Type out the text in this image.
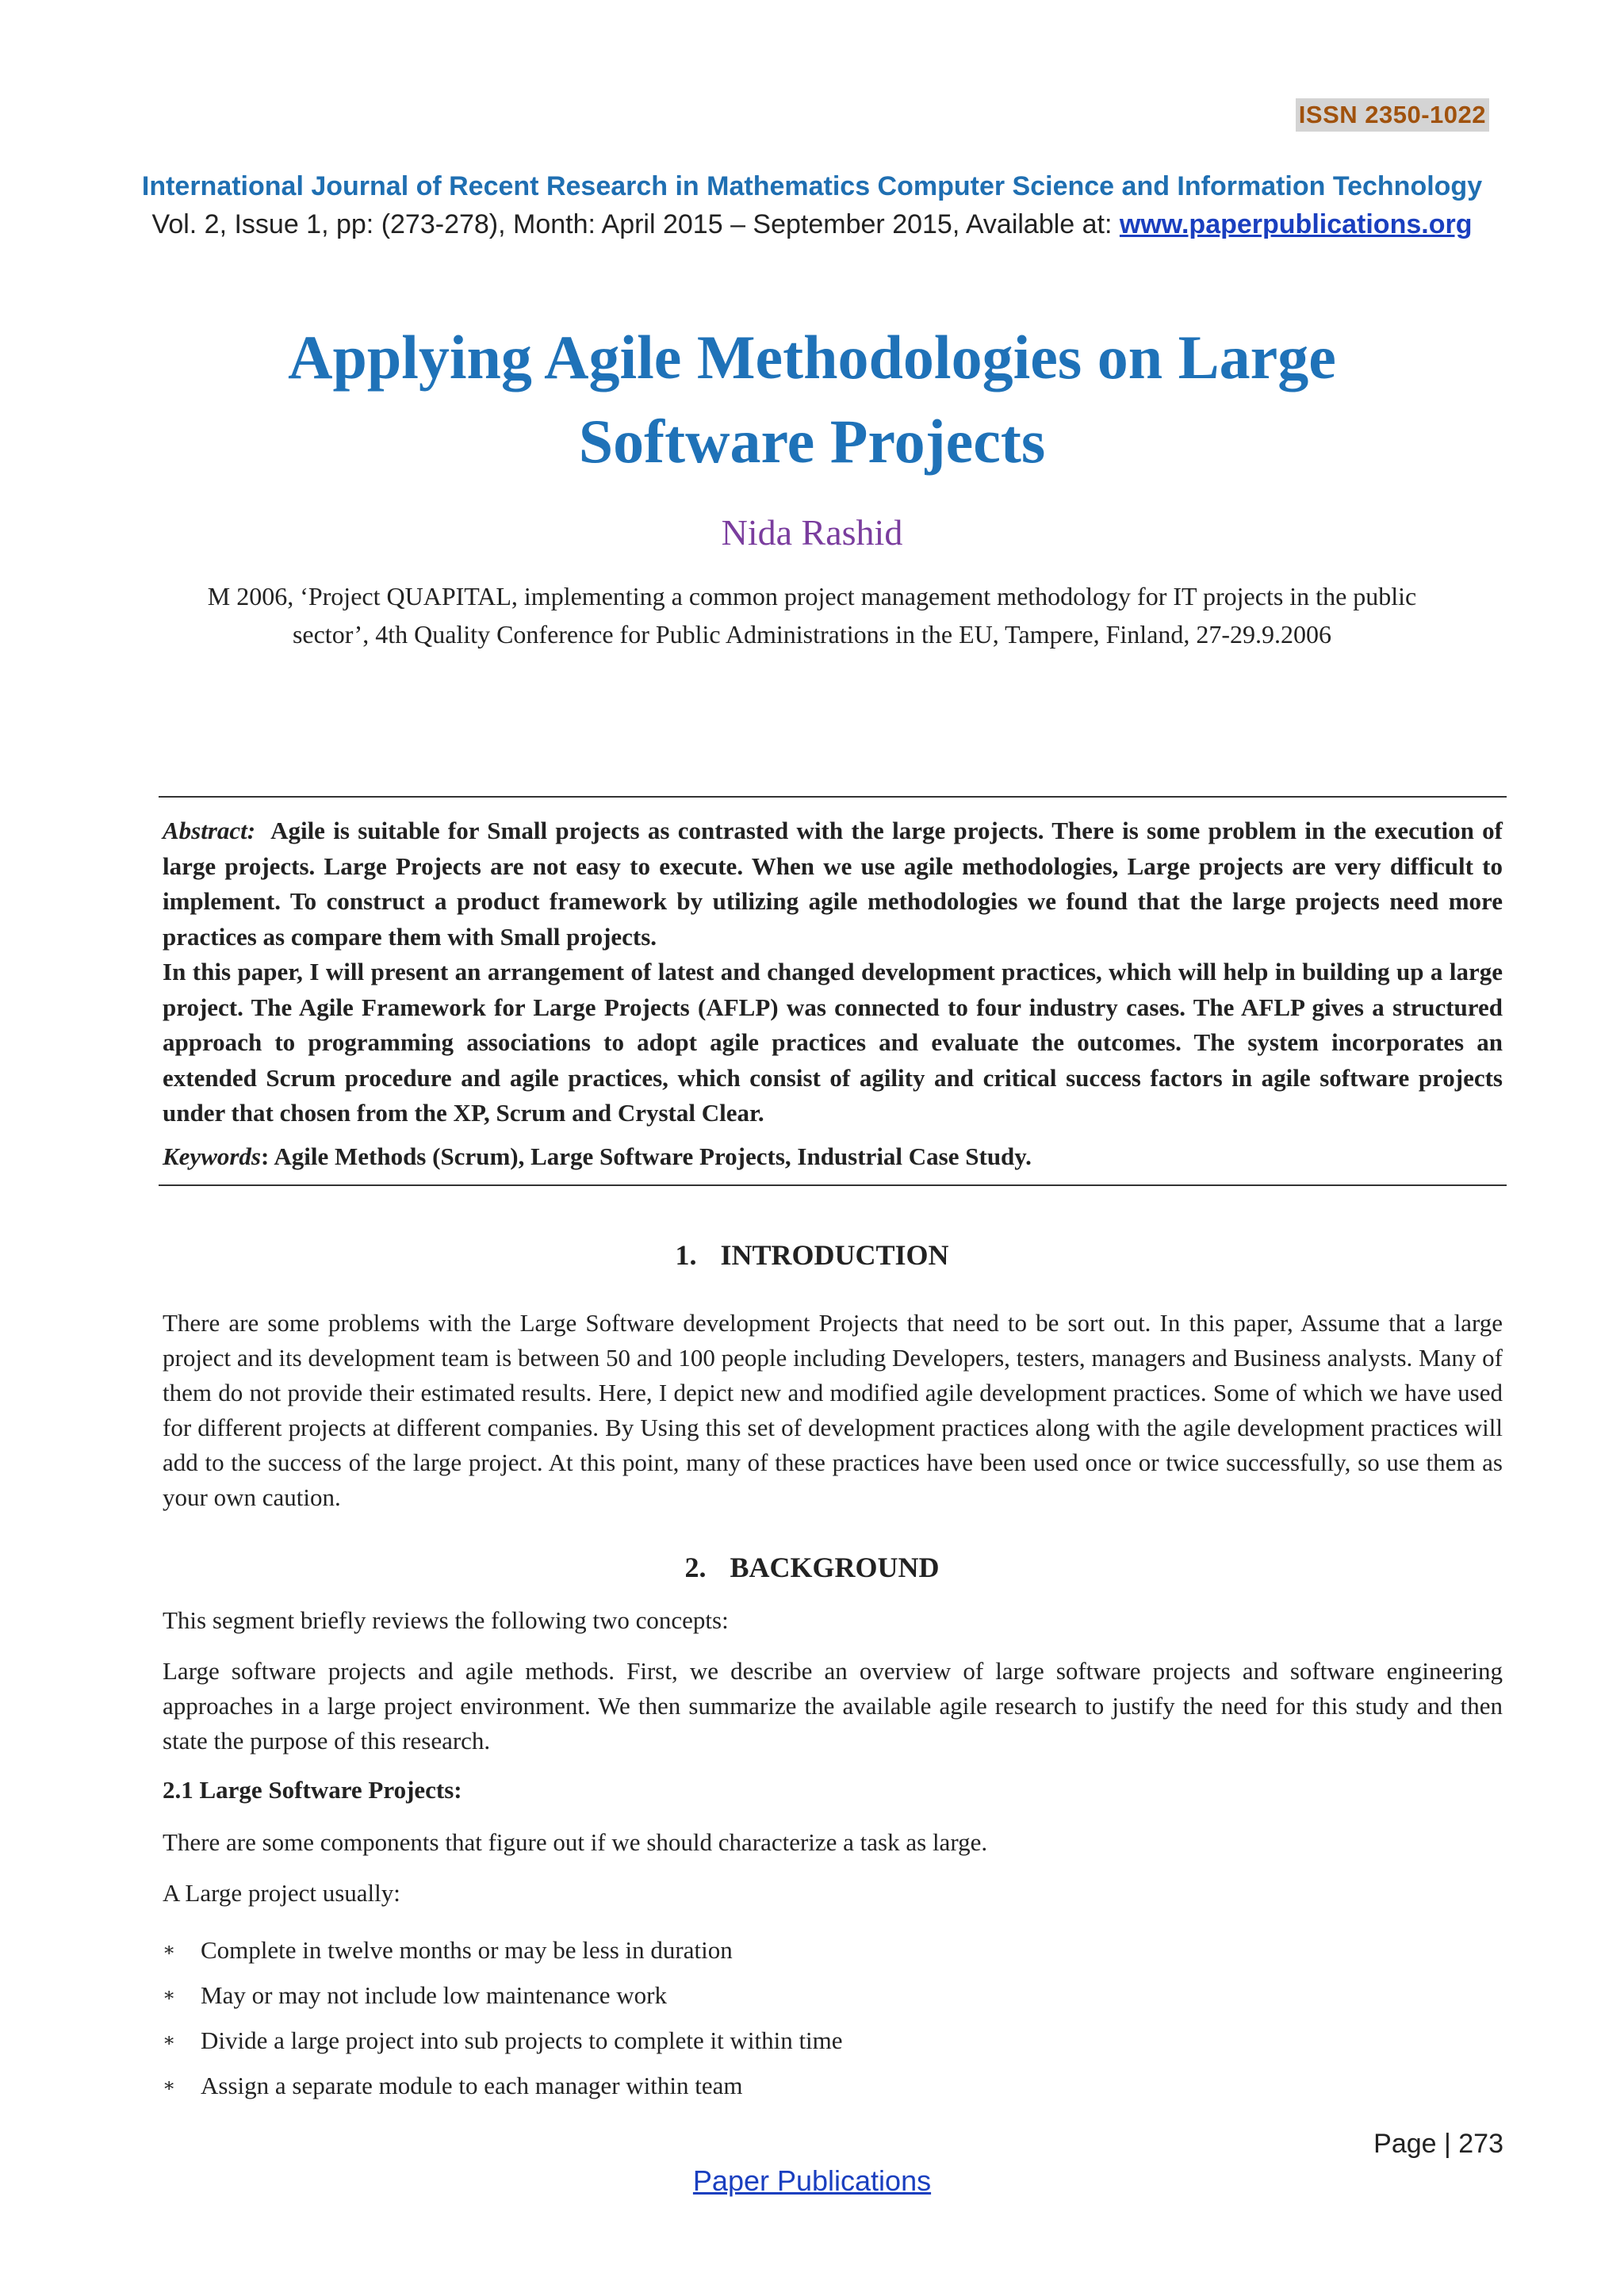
ISSN 2350-1022
International Journal of Recent Research in Mathematics Computer Science and Information Technology
Vol. 2, Issue 1, pp: (273-278), Month: April 2015 – September 2015, Available at: www.paperpublications.org
Applying Agile Methodologies on Large
Software Projects
Nida Rashid
M 2006, ‘Project QUAPITAL, implementing a common project management methodology for IT projects in the public
sector’, 4th Quality Conference for Public Administrations in the EU, Tampere, Finland, 27-29.9.2006

Abstract: Agile is suitable for Small projects as contrasted with the large projects. There is some problem in the execution of large projects. Large Projects are not easy to execute. When we use agile methodologies, Large projects are very difficult to implement. To construct a product framework by utilizing agile methodologies we found that the large projects need more practices as compare them with Small projects.

In this paper, I will present an arrangement of latest and changed development practices, which will help in building up a large project. The Agile Framework for Large Projects (AFLP) was connected to four industry cases. The AFLP gives a structured approach to programming associations to adopt agile practices and evaluate the outcomes. The system incorporates an extended Scrum procedure and agile practices, which consist of agility and critical success factors in agile software projects under that chosen from the XP, Scrum and Crystal Clear.

Keywords: Agile Methods (Scrum), Large Software Projects, Industrial Case Study.
1. INTRODUCTION

There are some problems with the Large Software development Projects that need to be sort out. In this paper, Assume that a large project and its development team is between 50 and 100 people including Developers, testers, managers and Business analysts. Many of them do not provide their estimated results. Here, I depict new and modified agile development practices. Some of which we have used for different projects at different companies. By Using this set of development practices along with the agile development practices will add to the success of the large project. At this point, many of these practices have been used once or twice successfully, so use them as your own caution.

2. BACKGROUND

This segment briefly reviews the following two concepts:

Large software projects and agile methods. First, we describe an overview of large software projects and software engineering approaches in a large project environment. We then summarize the available agile research to justify the need for this study and then state the purpose of this research.

2.1 Large Software Projects:

There are some components that figure out if we should characterize a task as large.

A Large project usually:

∗	Complete in twelve months or may be less in duration
∗	May or may not include low maintenance work
∗	Divide a large project into sub projects to complete it within time
∗	Assign a separate module to each manager within team
Page | 273
Paper Publications
